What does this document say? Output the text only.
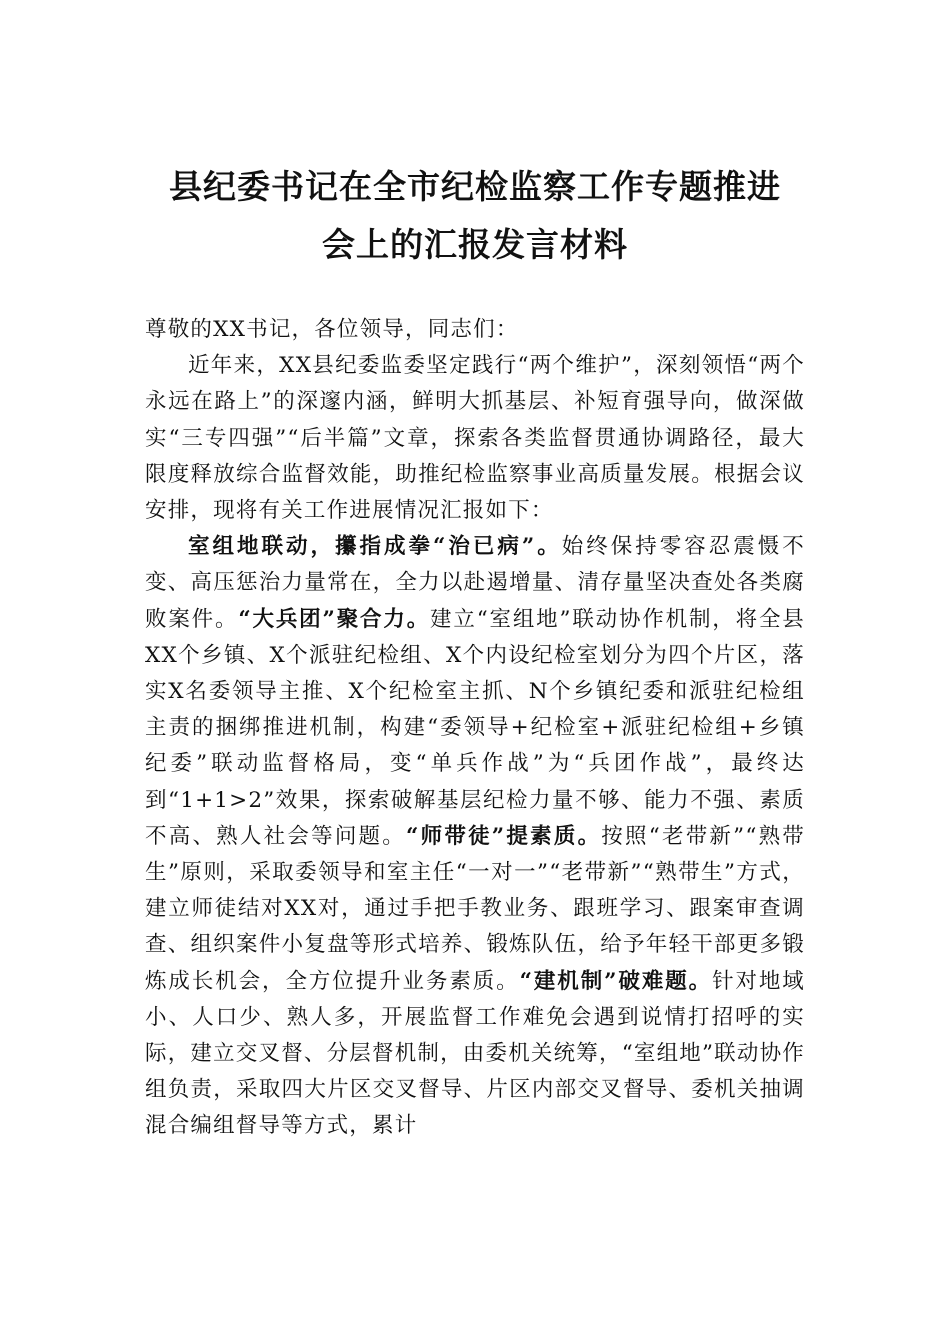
县纪委书记在全市纪检监察工作专题推进
会上的汇报发言材料

尊敬的XX书记，各位领导，同志们：

近年来，XX县纪委监委坚定践行“两个维护”，深刻领悟“两个永远在路上”的深邃内涵，鲜明大抓基层、补短育强导向，做深做实“三专四强”“后半篇”文章，探索各类监督贯通协调路径，最大限度释放综合监督效能，助推纪检监察事业高质量发展。根据会议安排，现将有关工作进展情况汇报如下：

室组地联动，攥指成拳“治已病”。始终保持零容忍震慑不变、高压惩治力量常在，全力以赴遏增量、清存量坚决查处各类腐败案件。“大兵团”聚合力。建立“室组地”联动协作机制，将全县XX个乡镇、X个派驻纪检组、X个内设纪检室划分为四个片区，落实X名委领导主推、X个纪检室主抓、N个乡镇纪委和派驻纪检组主责的捆绑推进机制，构建“委领导+纪检室+派驻纪检组+乡镇纪委”联动监督格局，变“单兵作战”为“兵团作战”，最终达到“1+1>2”效果，探索破解基层纪检力量不够、能力不强、素质不高、熟人社会等问题。“师带徒”提素质。按照“老带新”“熟带生”原则，采取委领导和室主任“一对一”“老带新”“熟带生”方式，建立师徒结对XX对，通过手把手教业务、跟班学习、跟案审查调查、组织案件小复盘等形式培养、锻炼队伍，给予年轻干部更多锻炼成长机会，全方位提升业务素质。“建机制”破难题。针对地域小、人口少、熟人多，开展监督工作难免会遇到说情打招呼的实际，建立交叉督、分层督机制，由委机关统筹，“室组地”联动协作组负责，采取四大片区交叉督导、片区内部交叉督导、委机关抽调混合编组督导等方式，累计
